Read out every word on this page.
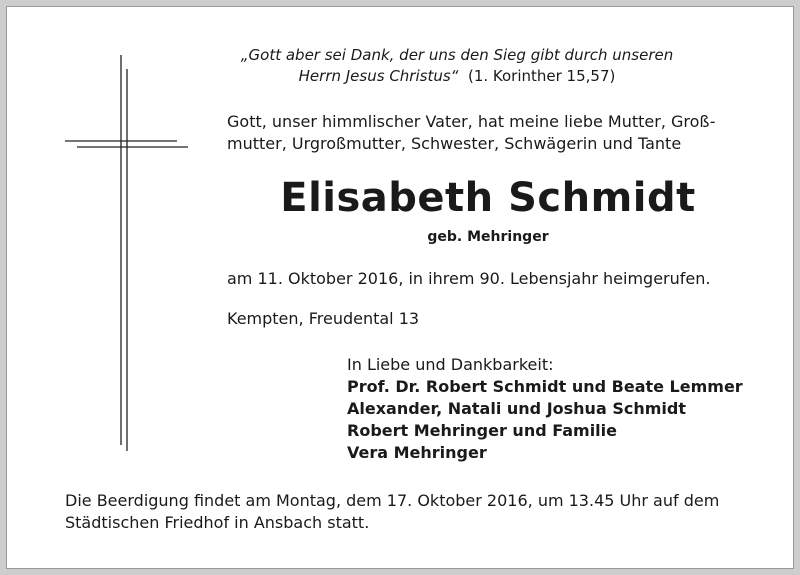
„Gott aber sei Dank, der uns den Sieg gibt durch unseren
Herrn Jesus Christus“ (1. Korinther 15,57)
Gott, unser himmlischer Vater, hat meine liebe Mutter, Groß-
mutter, Urgroßmutter, Schwester, Schwägerin und Tante
Elisabeth Schmidt
geb. Mehringer
am 11. Oktober 2016, in ihrem 90. Lebensjahr heimgerufen.
Kempten, Freudental 13
In Liebe und Dankbarkeit:
Prof. Dr. Robert Schmidt und Beate Lemmer
Alexander, Natali und Joshua Schmidt
Robert Mehringer und Familie
Vera Mehringer
Die Beerdigung findet am Montag, dem 17. Oktober 2016, um 13.45 Uhr auf dem
Städtischen Friedhof in Ansbach statt.
